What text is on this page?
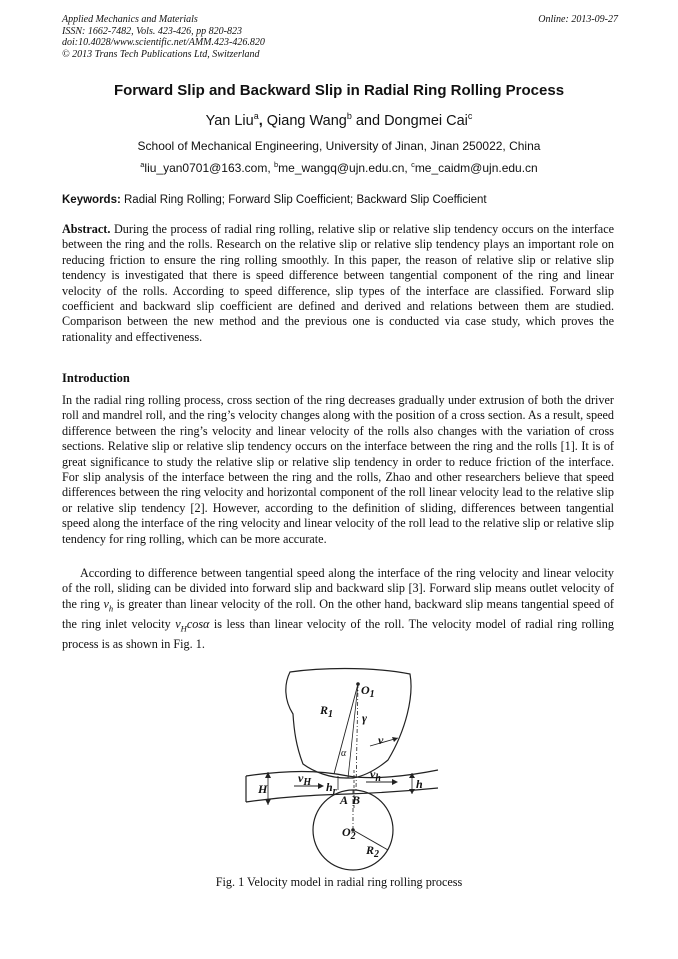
Applied Mechanics and Materials
ISSN: 1662-7482, Vols. 423-426, pp 820-823
doi:10.4028/www.scientific.net/AMM.423-426.820
© 2013 Trans Tech Publications Ltd, Switzerland
Online: 2013-09-27
Forward Slip and Backward Slip in Radial Ring Rolling Process
Yan Liu$^a$, Qiang Wang$^b$ and Dongmei Cai$^c$
School of Mechanical Engineering, University of Jinan, Jinan 250022, China
$^a$liu_yan0701@163.com, $^b$me_wangq@ujn.edu.cn, $^c$me_caidm@ujn.edu.cn
Keywords: Radial Ring Rolling; Forward Slip Coefficient; Backward Slip Coefficient
Abstract. During the process of radial ring rolling, relative slip or relative slip tendency occurs on the interface between the ring and the rolls. Research on the relative slip or relative slip tendency plays an important role on reducing friction to ensure the ring rolling smoothly. In this paper, the reason of relative slip or relative slip tendency is investigated that there is speed difference between tangential component of the ring and linear velocity of the rolls. According to speed difference, slip types of the interface are classified. Forward slip coefficient and backward slip coefficient are defined and derived and relations between them are studied. Comparison between the new method and the previous one is conducted via case study, which proves the rationality and effectiveness.
Introduction
In the radial ring rolling process, cross section of the ring decreases gradually under extrusion of both the driver roll and mandrel roll, and the ring’s velocity changes along with the position of a cross section. As a result, speed difference between the ring’s velocity and linear velocity of the rolls also changes with the variation of cross sections. Relative slip or relative slip tendency occurs on the interface between the ring and the rolls [1]. It is of great significance to study the relative slip or relative slip tendency in order to reduce friction of the interface. For slip analysis of the interface between the ring and the rolls, Zhao and other researchers believe that speed differences between the ring velocity and horizontal component of the roll linear velocity lead to the relative slip or relative slip tendency [2]. However, according to the definition of sliding, differences between tangential speed along the interface of the ring velocity and linear velocity of the roll lead to the relative slip or relative slip tendency for ring rolling, which can be more accurate.
According to difference between tangential speed along the interface of the ring velocity and linear velocity of the roll, sliding can be divided into forward slip and backward slip [3]. Forward slip means outlet velocity of the ring $v_h$ is greater than linear velocity of the roll. On the other hand, backward slip means tangential speed of the ring inlet velocity $v_H\cos\alpha$ is less than linear velocity of the roll. The velocity model of radial ring rolling process is as shown in Fig. 1.
$O_1$
$O_2$
$R_1$
$R_2$
γ
α
v
H	h
$v_H$
$v_h$
$h_r$
A B
Fig. 1 Velocity model in radial ring rolling process
